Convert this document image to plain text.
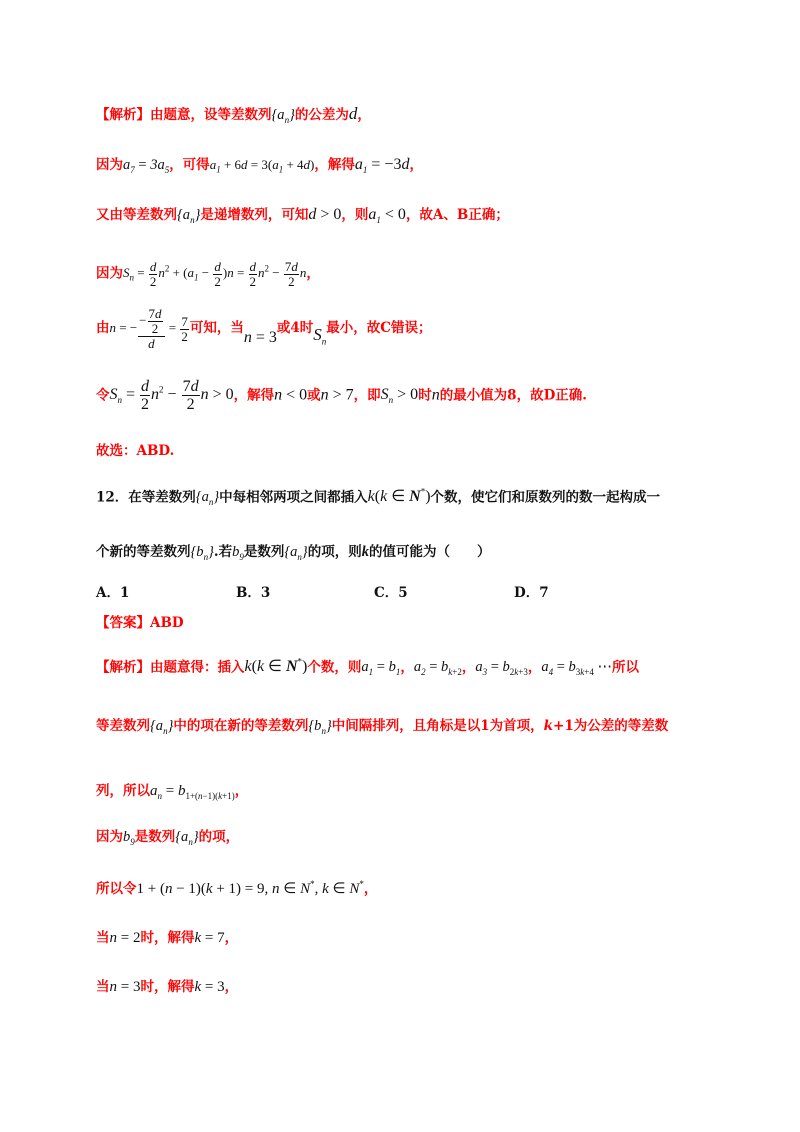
【解析】由题意，设等差数列$\{a_n\}$的公差为d，
因为$a_7 = 3a_5$，可得$a_1 + 6d = 3(a_1 + 4d)$，解得$a_1 = -3d$，
又由等差数列$\{a_n\}$是递增数列，可知d > 0，则$a_1 < 0$，故A、B正确；
因为$S_n = \frac{d}{2} n^2 + (a_1 - \frac{d}{2} )n = \frac{d}{2} n^2 - \frac{7d}{2}$ n，
由n = − $\frac{- \frac{7d}{2}}{d} = \frac{7}{2}$ 可知，当n = 3或4时$S_n$最小，故C错误；
令$S_n = \frac{d}{2} n^2 - \frac{7d}{2}$ n > 0，解得n < 0或n > 7，即$S_n > 0$时n的最小值为8，故D正确.
故选：ABD.
12．在等差数列$\{a_n\}$中每相邻两项之间都插入k(k ∈ N*)个数，使它们和原数列的数一起构成一
个新的等差数列$\{b_n\}$.若$b_9$是数列$\{a_n\}$的项，则k的值可能为（　　）
A．1	B．3	C．5	D．7
【答案】ABD
【解析】由题意得：插入k(k ∈ N*)个数，则$a_1 = b_1$，$a_2 = b_{k+2}$，$a_3 = b_{2k+3}$，$a_4 = b_{3k+4}$ ⋯所以
等差数列$\{a_n\}$中的项在新的等差数列$\{b_n\}$中间隔排列，且角标是以1为首项，k+1为公差的等差数
列，所以$a_n = b_{1+(n-1)(k+1)}$，
因为$b_9$是数列$\{a_n\}$的项，
所以令1 + (n − 1)(k + 1) = 9, n ∈ N*, k ∈ N*，
当n = 2时，解得k = 7，
当n = 3时，解得k = 3，
